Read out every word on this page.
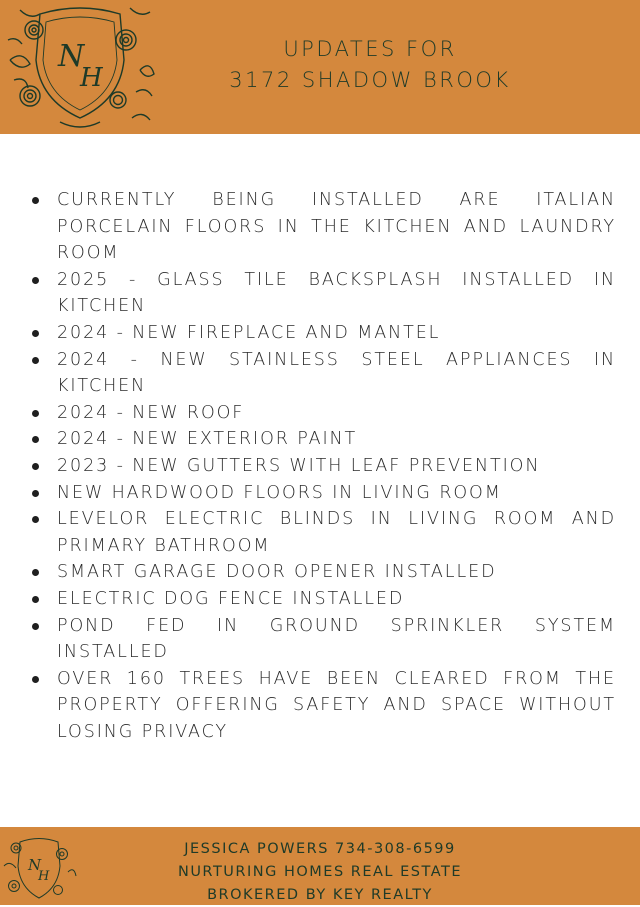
N
H
UPDATES FOR
3172 SHADOW BROOK
CURRENTLY BEING INSTALLED ARE ITALIAN PORCELAIN FLOORS IN THE KITCHEN AND LAUNDRY ROOM
2025 - GLASS TILE BACKSPLASH INSTALLED IN KITCHEN
2024 - NEW FIREPLACE AND MANTEL
2024 - NEW STAINLESS STEEL APPLIANCES IN KITCHEN
2024 - NEW ROOF
2024 - NEW EXTERIOR PAINT
2023 - NEW GUTTERS WITH LEAF PREVENTION
NEW HARDWOOD FLOORS IN LIVING ROOM
LEVELOR ELECTRIC BLINDS IN LIVING ROOM AND PRIMARY BATHROOM
SMART GARAGE DOOR OPENER INSTALLED
ELECTRIC DOG FENCE INSTALLED
POND FED IN GROUND SPRINKLER SYSTEM INSTALLED
OVER 160 TREES HAVE BEEN CLEARED FROM THE PROPERTY OFFERING SAFETY AND SPACE WITHOUT LOSING PRIVACY
N
H
JESSICA POWERS 734-308-6599
NURTURING HOMES REAL ESTATE
BROKERED BY KEY REALTY
